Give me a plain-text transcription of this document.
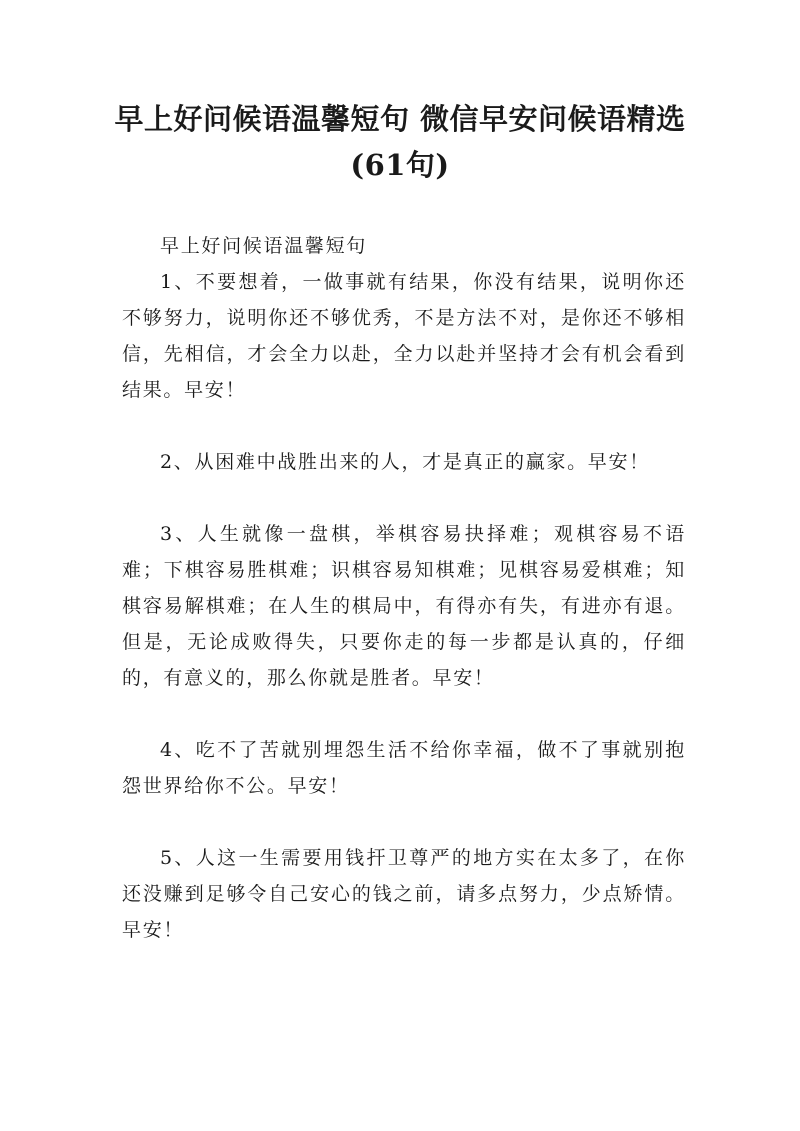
早上好问候语温馨短句 微信早安问候语精选(61句)

早上好问候语温馨短句

1、不要想着，一做事就有结果，你没有结果，说明你还不够努力，说明你还不够优秀，不是方法不对，是你还不够相信，先相信，才会全力以赴，全力以赴并坚持才会有机会看到结果。早安！

2、从困难中战胜出来的人，才是真正的赢家。早安！

3、人生就像一盘棋，举棋容易抉择难；观棋容易不语难；下棋容易胜棋难；识棋容易知棋难；见棋容易爱棋难；知棋容易解棋难；在人生的棋局中，有得亦有失，有进亦有退。但是，无论成败得失，只要你走的每一步都是认真的，仔细的，有意义的，那么你就是胜者。早安！

4、吃不了苦就别埋怨生活不给你幸福，做不了事就别抱怨世界给你不公。早安！

5、人这一生需要用钱扞卫尊严的地方实在太多了，在你还没赚到足够令自己安心的钱之前，请多点努力，少点矫情。早安！
